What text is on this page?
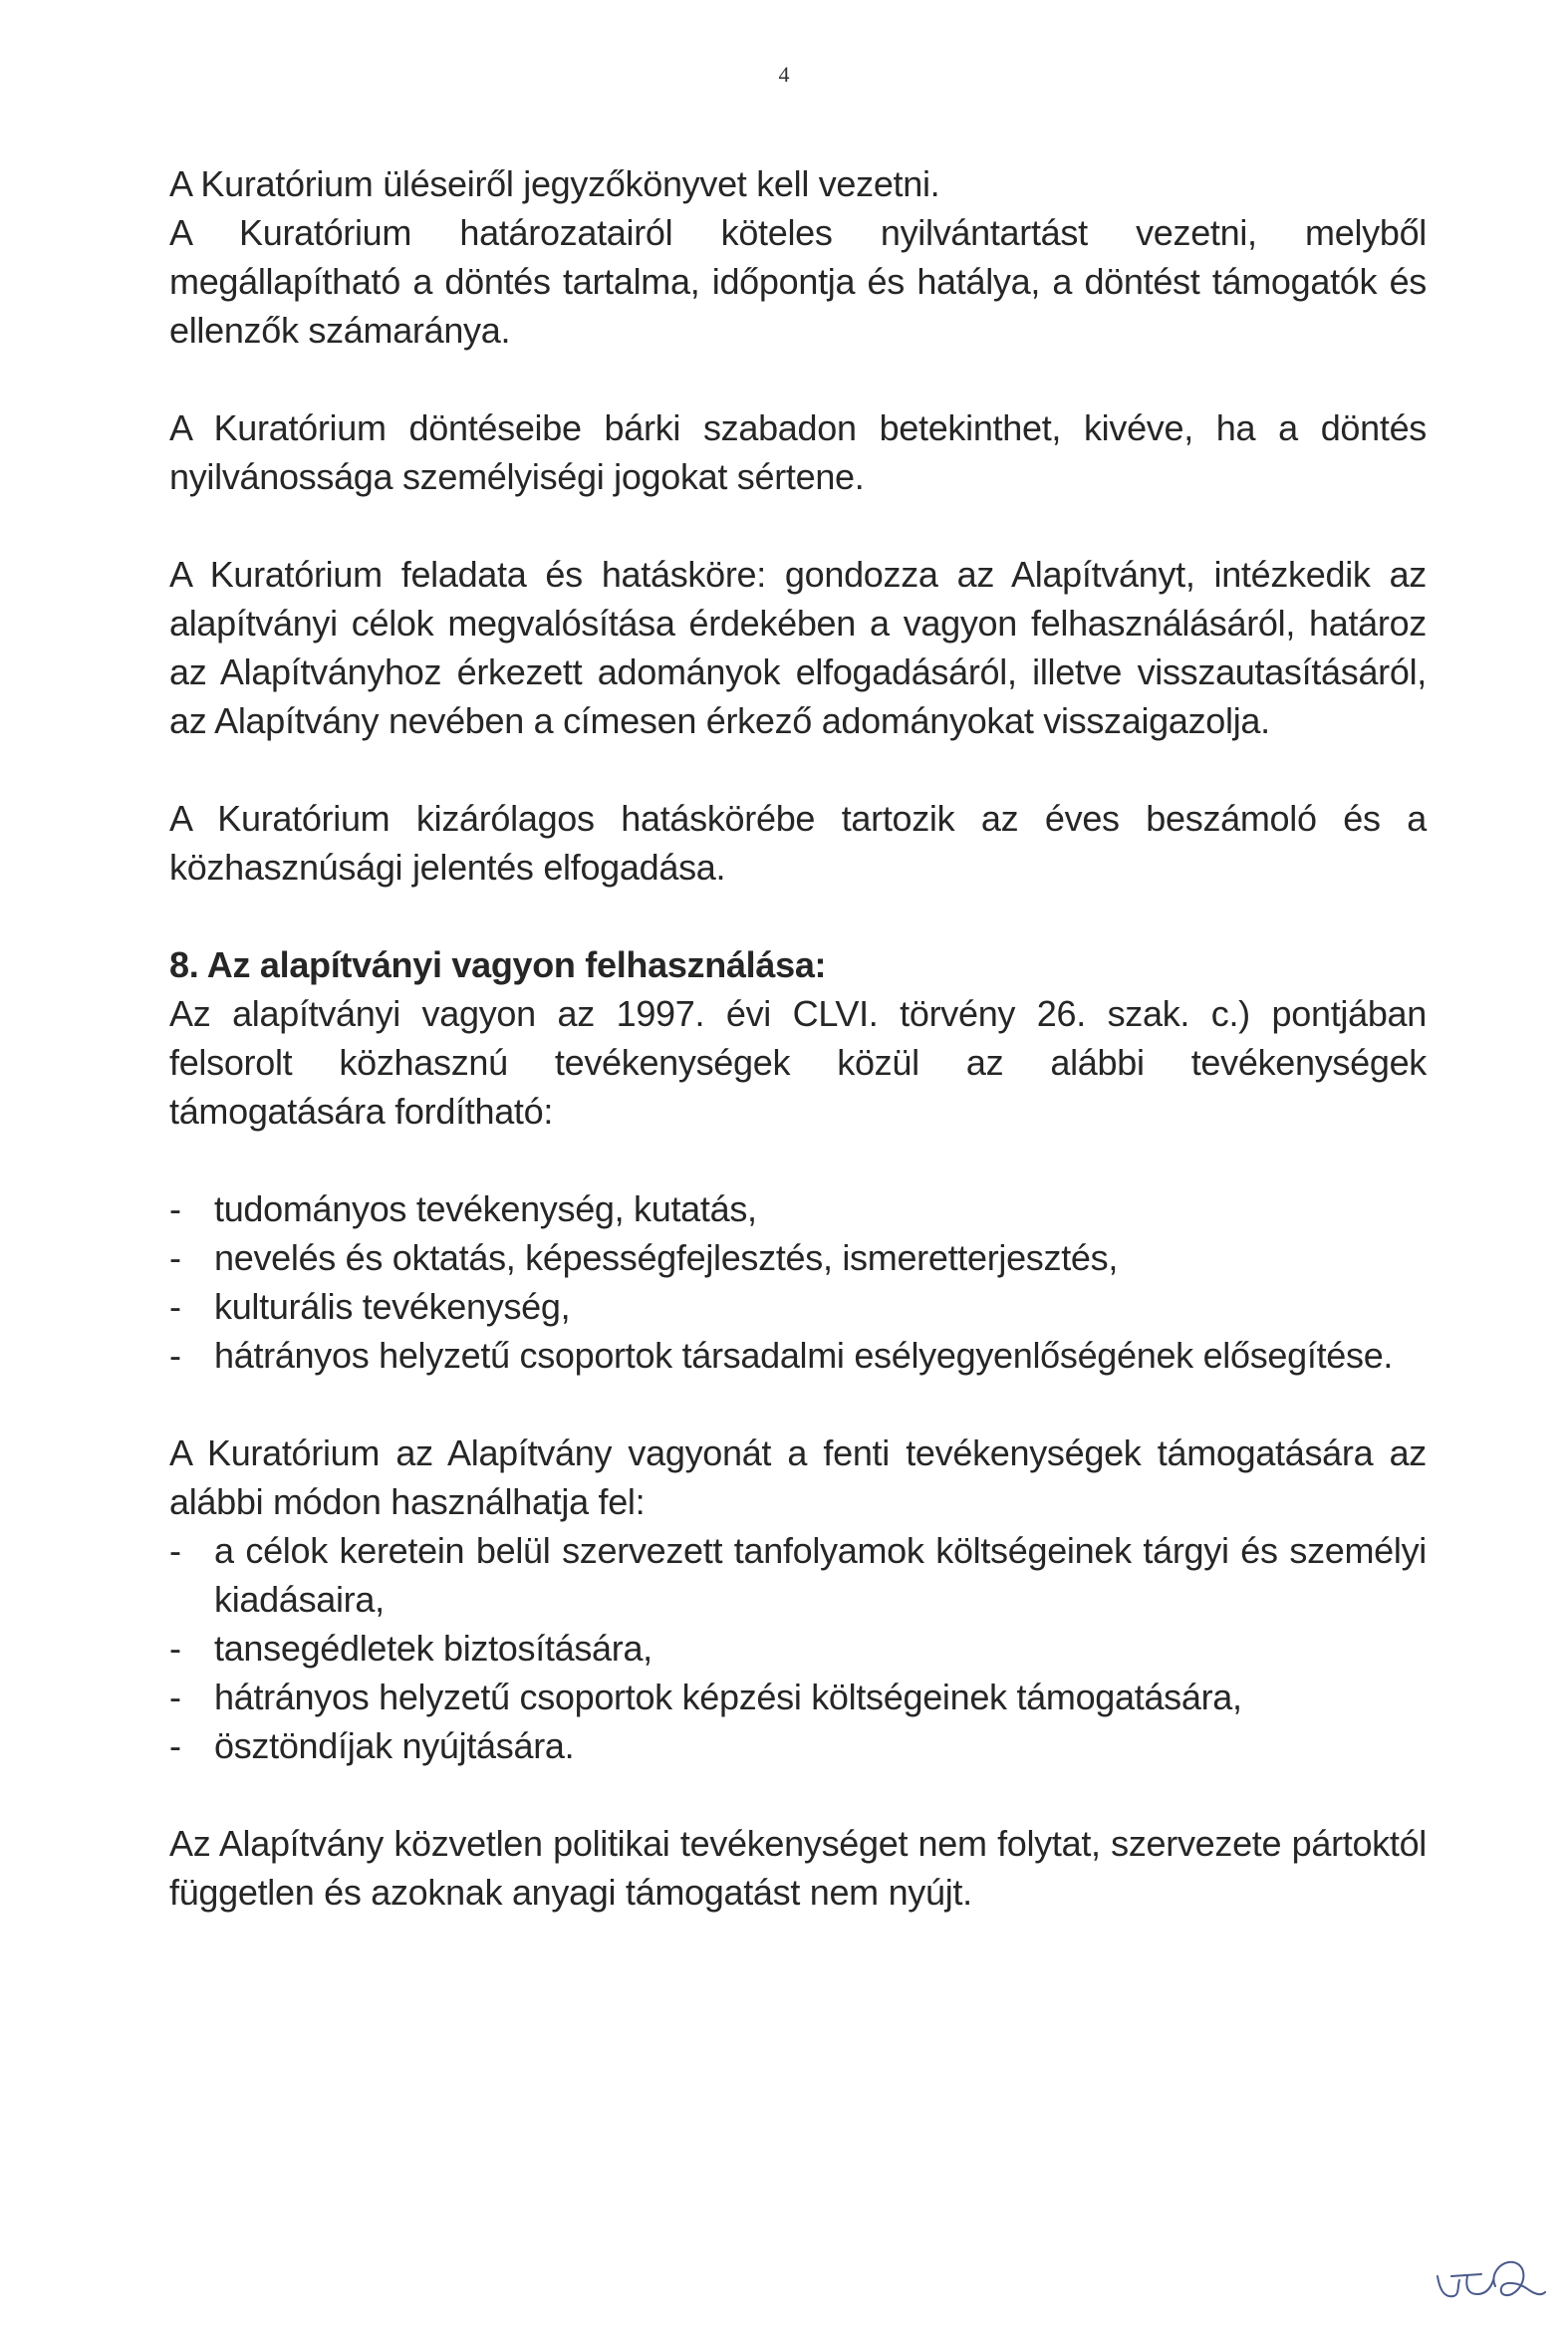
4

A Kuratórium üléseiről jegyzőkönyvet kell vezetni.

A Kuratórium határozatairól köteles nyilvántartást vezetni, melyből megállapítható a döntés tartalma, időpontja és hatálya, a döntést támogatók és ellenzők számaránya.

A Kuratórium döntéseibe bárki szabadon betekinthet, kivéve, ha a döntés nyilvánossága személyiségi jogokat sértene.

A Kuratórium feladata és hatásköre: gondozza az Alapítványt, intézkedik az alapítványi célok megvalósítása érdekében a vagyon felhasználásáról, határoz az Alapítványhoz érkezett adományok elfogadásáról, illetve visszautasításáról, az Alapítvány nevében a címesen érkező adományokat visszaigazolja.

A Kuratórium kizárólagos hatáskörébe tartozik az éves beszámoló és a közhasznúsági jelentés elfogadása.

8. Az alapítványi vagyon felhasználása:

Az alapítványi vagyon az 1997. évi CLVI. törvény 26. szak. c.) pontjában felsorolt közhasznú tevékenységek közül az alábbi tevékenységek támogatására fordítható:

- tudományos tevékenység, kutatás,
- nevelés és oktatás, képességfejlesztés, ismeretterjesztés,
- kulturális tevékenység,
- hátrányos helyzetű csoportok társadalmi esélyegyenlőségének elősegítése.

A Kuratórium az Alapítvány vagyonát a fenti tevékenységek támogatására az alábbi módon használhatja fel:

- a célok keretein belül szervezett tanfolyamok költségeinek tárgyi és személyi kiadásaira,
- tansegédletek biztosítására,
- hátrányos helyzetű csoportok képzési költségeinek támogatására,
- ösztöndíjak nyújtására.

Az Alapítvány közvetlen politikai tevékenységet nem folytat, szervezete pártoktól független és azoknak anyagi támogatást nem nyújt.
